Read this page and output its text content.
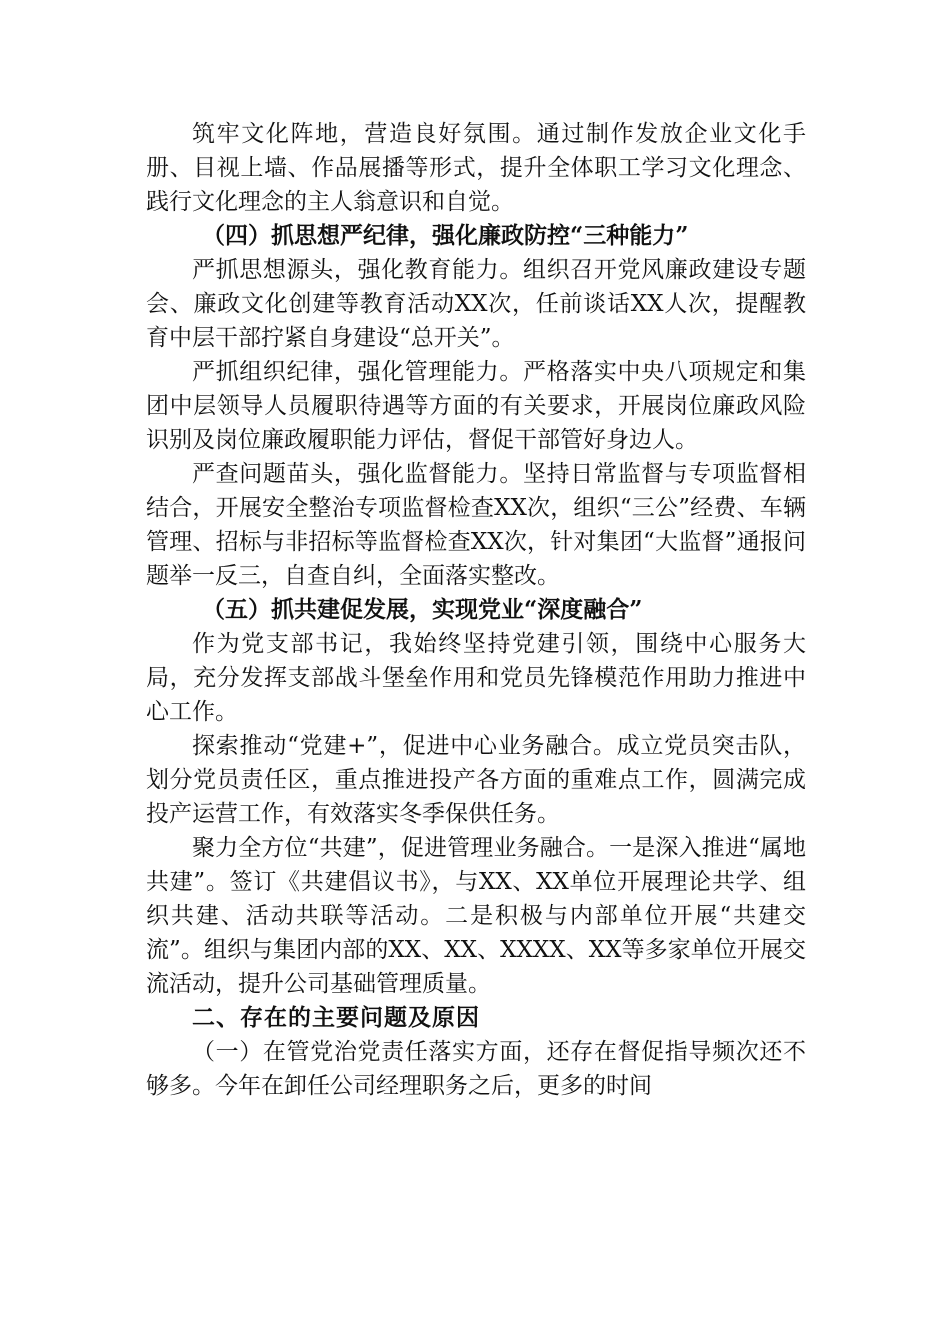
筑牢文化阵地，营造良好氛围。通过制作发放企业文化手册、目视上墙、作品展播等形式，提升全体职工学习文化理念、践行文化理念的主人翁意识和自觉。

（四）抓思想严纪律，强化廉政防控“三种能力”

严抓思想源头，强化教育能力。组织召开党风廉政建设专题会、廉政文化创建等教育活动XX次，任前谈话XX人次，提醒教育中层干部拧紧自身建设“总开关”。

严抓组织纪律，强化管理能力。严格落实中央八项规定和集团中层领导人员履职待遇等方面的有关要求，开展岗位廉政风险识别及岗位廉政履职能力评估，督促干部管好身边人。

严查问题苗头，强化监督能力。坚持日常监督与专项监督相结合，开展安全整治专项监督检查XX次，组织“三公”经费、车辆管理、招标与非招标等监督检查XX次，针对集团“大监督”通报问题举一反三，自查自纠，全面落实整改。

（五）抓共建促发展，实现党业“深度融合”

作为党支部书记，我始终坚持党建引领，围绕中心服务大局，充分发挥支部战斗堡垒作用和党员先锋模范作用助力推进中心工作。

探索推动“党建+”，促进中心业务融合。成立党员突击队，划分党员责任区，重点推进投产各方面的重难点工作，圆满完成投产运营工作，有效落实冬季保供任务。

聚力全方位“共建”，促进管理业务融合。一是深入推进“属地共建”。签订《共建倡议书》，与XX、XX单位开展理论共学、组织共建、活动共联等活动。二是积极与内部单位开展“共建交流”。组织与集团内部的XX、XX、XXXX、XX等多家单位开展交流活动，提升公司基础管理质量。

二、存在的主要问题及原因

（一）在管党治党责任落实方面，还存在督促指导频次还不够多。今年在卸任公司经理职务之后，更多的时间
